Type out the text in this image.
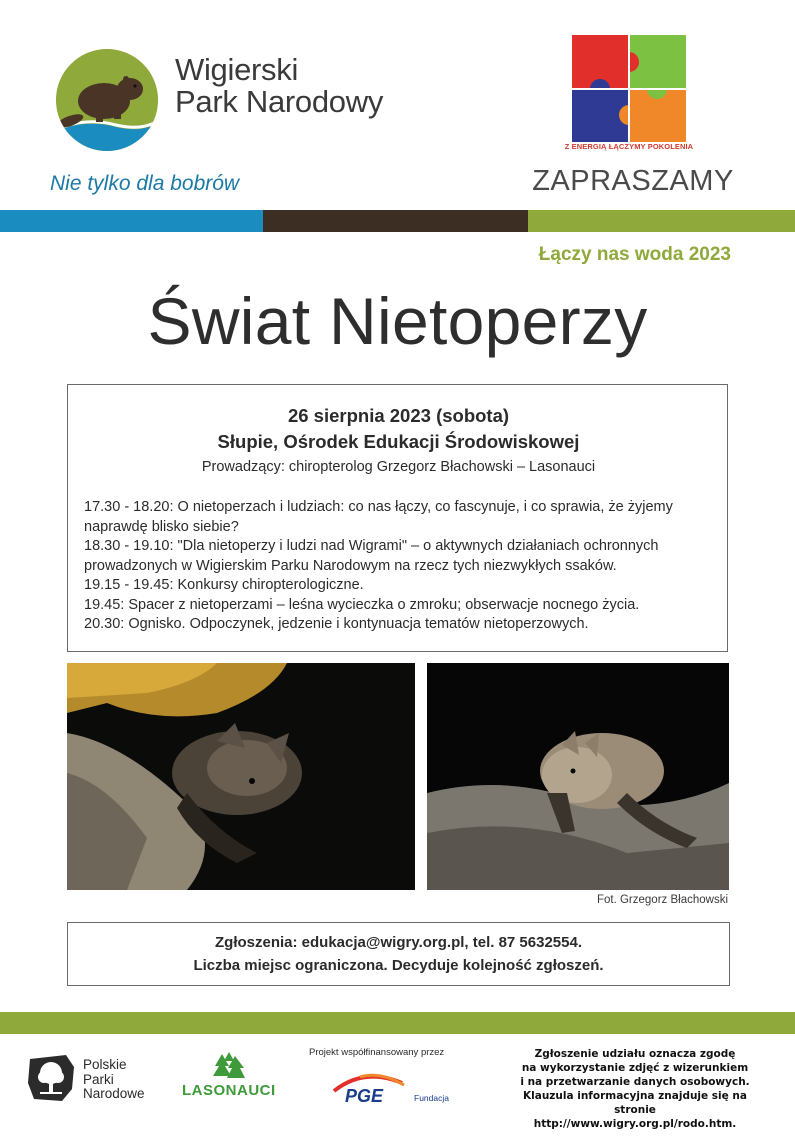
Wigierski
Park Narodowy
Nie tylko dla bobrów
Z ENERGIĄ ŁĄCZYMY POKOLENIA
ZAPRASZAMY
Łączy nas woda 2023
Świat Nietoperzy
26 sierpnia 2023 (sobota)
Słupie, Ośrodek Edukacji Środowiskowej
Prowadzący: chiropterolog Grzegorz Błachowski – Lasonauci
17.30 - 18.20: O nietoperzach i ludziach: co nas łączy, co fascynuje, i co sprawia, że żyjemy naprawdę blisko siebie?
18.30 - 19.10: "Dla nietoperzy i ludzi nad Wigrami" – o aktywnych działaniach ochronnych prowadzonych w Wigierskim Parku Narodowym na rzecz tych niezwykłych ssaków.
19.15 - 19.45: Konkursy chiropterologiczne.
19.45: Spacer z nietoperzami – leśna wycieczka o zmroku; obserwacje nocnego życia.
20.30: Ognisko. Odpoczynek, jedzenie i kontynuacja tematów nietoperzowych.
Fot. Grzegorz Błachowski
Zgłoszenia: edukacja@wigry.org.pl, tel. 87 5632554.
Liczba miejsc ograniczona. Decyduje kolejność zgłoszeń.
Polskie
Parki
Narodowe LASONAUCI
Projekt współfinansowany przez
PGE	Fundacja
Zgłoszenie udziału oznacza zgodę
na wykorzystanie zdjęć z wizerunkiem
i na przetwarzanie danych osobowych.
Klauzula informacyjna znajduje się na stronie
http://www.wigry.org.pl/rodo.htm.
